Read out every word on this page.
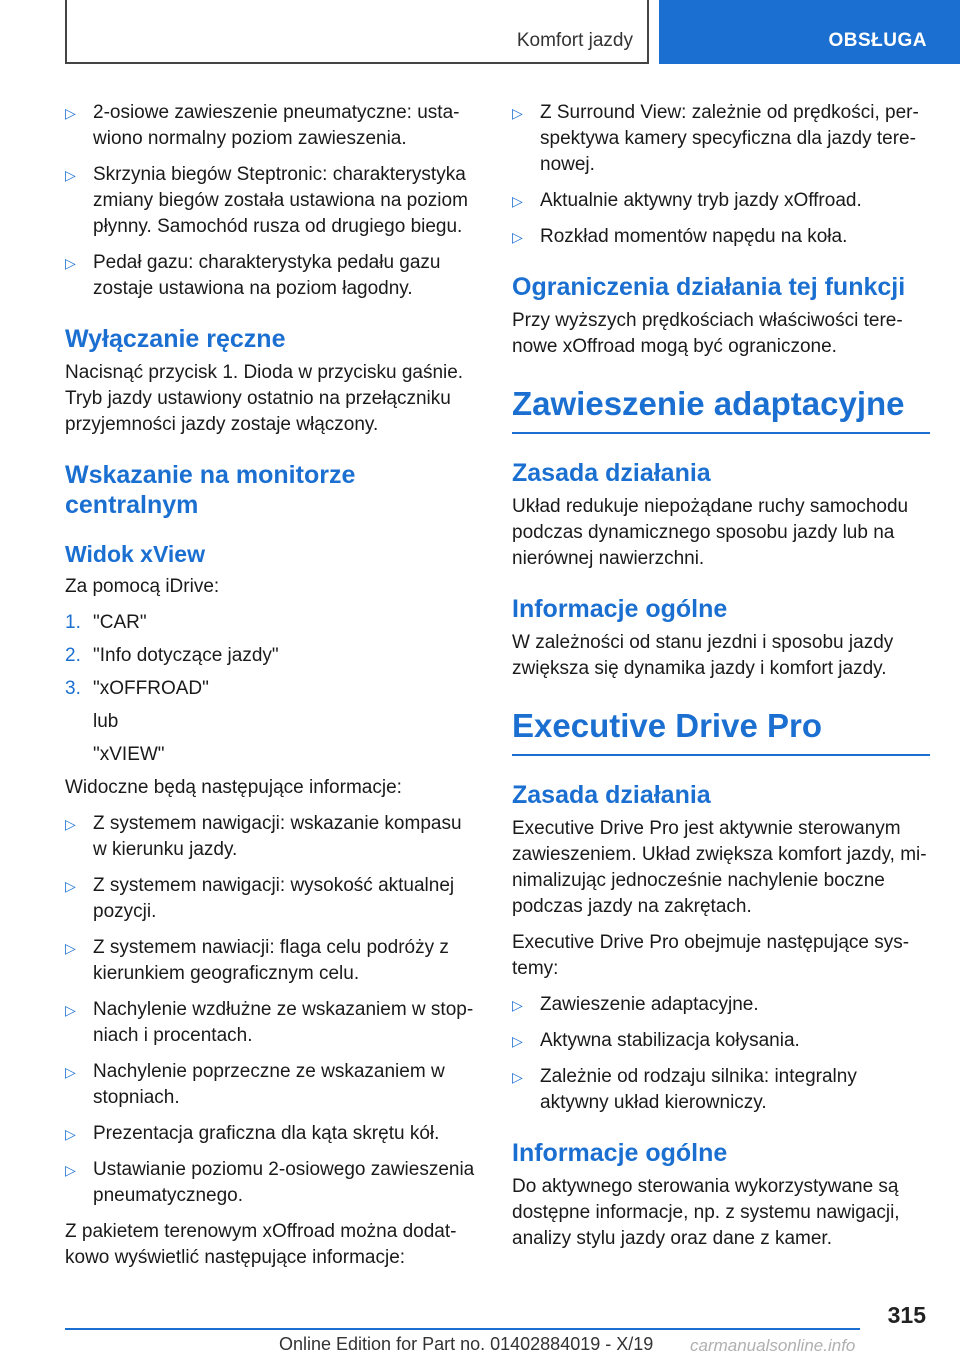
Komfort jazdy	OBSŁUGA
▷ 2-osiowe zawieszenie pneumatyczne: ustawiono normalny poziom zawieszenia.
▷ Skrzynia biegów Steptronic: charakterystyka zmiany biegów została ustawiona na poziom płynny. Samochód rusza od drugiego biegu.
▷ Pedał gazu: charakterystyka pedału gazu zostaje ustawiona na poziom łagodny.
Wyłączanie ręczne

Nacisnąć przycisk 1. Dioda w przycisku gaśnie. Tryb jazdy ustawiony ostatnio na przełączniku przyjemności jazdy zostaje włączony.

Wskazanie na monitorze centralnym
Widok xView

Za pomocą iDrive:

1. "CAR"
2. "Info dotyczące jazdy"
3. "xOFFROAD"
lub
"xVIEW"

Widoczne będą następujące informacje:

▷ Z systemem nawigacji: wskazanie kompasu w kierunku jazdy.
▷ Z systemem nawigacji: wysokość aktualnej pozycji.
▷ Z systemem nawiacji: flaga celu podróży z kierunkiem geograficznym celu.
▷ Nachylenie wzdłużne ze wskazaniem w stopniach i procentach.
▷ Nachylenie poprzeczne ze wskazaniem w stopniach.
▷ Prezentacja graficzna dla kąta skrętu kół.
▷ Ustawianie poziomu 2-osiowego zawieszenia pneumatycznego.

Z pakietem terenowym xOffroad można dodatkowo wyświetlić następujące informacje:

▷ Z Surround View: zależnie od prędkości, perspektywa kamery specyficzna dla jazdy terenowej.
▷ Aktualnie aktywny tryb jazdy xOffroad.
▷ Rozkład momentów napędu na koła.
Ograniczenia działania tej funkcji

Przy wyższych prędkościach właściwości terenowe xOffroad mogą być ograniczone.

Zawieszenie adaptacyjne
Zasada działania

Układ redukuje niepożądane ruchy samochodu podczas dynamicznego sposobu jazdy lub na nierównej nawierzchni.

Informacje ogólne

W zależności od stanu jezdni i sposobu jazdy zwiększa się dynamika jazdy i komfort jazdy.

Executive Drive Pro
Zasada działania

Executive Drive Pro jest aktywnie sterowanym zawieszeniem. Układ zwiększa komfort jazdy, minimalizując jednocześnie nachylenie boczne podczas jazdy na zakrętach.

Executive Drive Pro obejmuje następujące systemy:

▷ Zawieszenie adaptacyjne.
▷ Aktywna stabilizacja kołysania.
▷ Zależnie od rodzaju silnika: integralny aktywny układ kierowniczy.
Informacje ogólne

Do aktywnego sterowania wykorzystywane są dostępne informacje, np. z systemu nawigacji, analizy stylu jazdy oraz dane z kamer.

315
Online Edition for Part no. 01402884019 - X/19 carmanualsonline.info
